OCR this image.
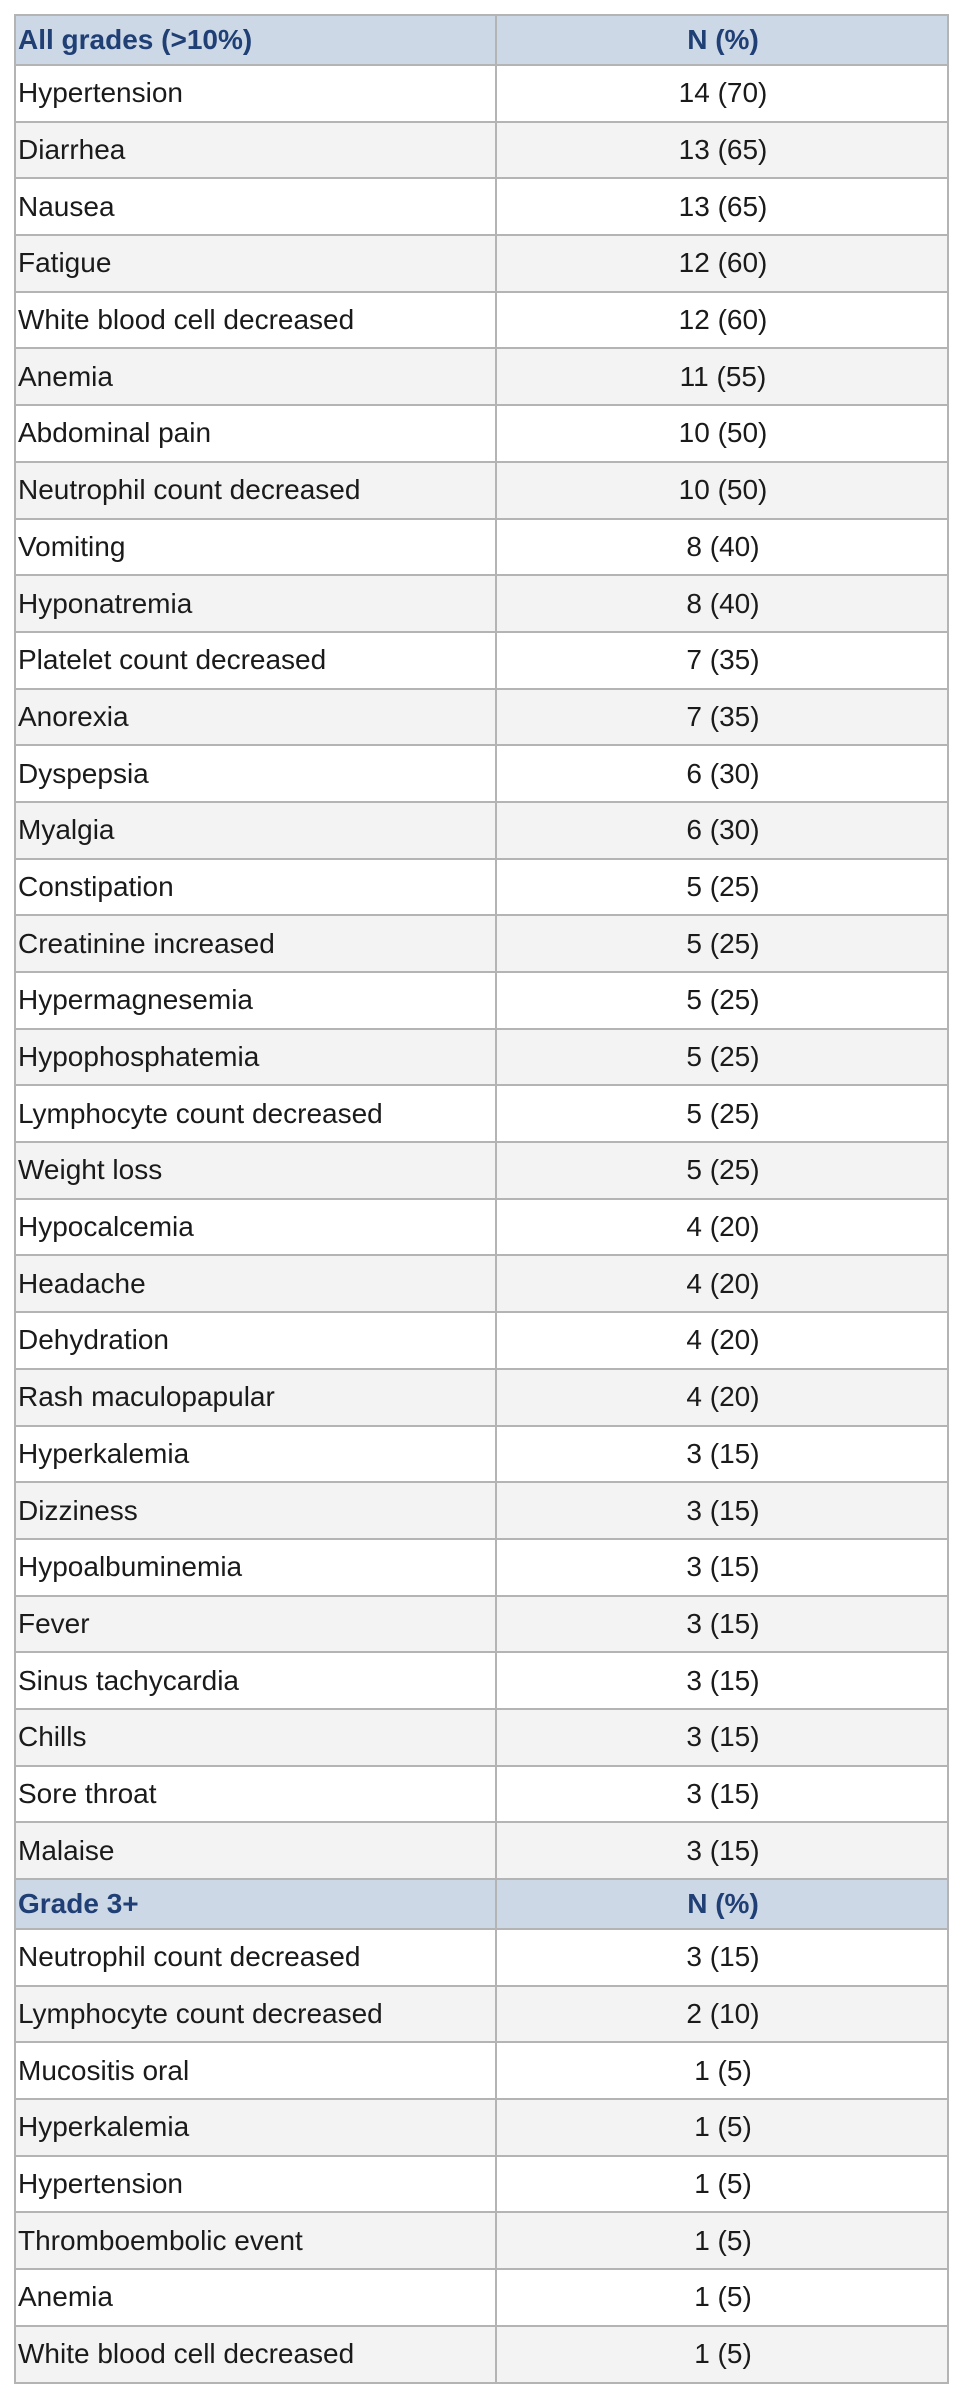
All grades (>10%)	N (%)
Hypertension	14 (70)
Diarrhea	13 (65)
Nausea	13 (65)
Fatigue	12 (60)
White blood cell decreased	12 (60)
Anemia	11 (55)
Abdominal pain	10 (50)
Neutrophil count decreased	10 (50)
Vomiting	8 (40)
Hyponatremia	8 (40)
Platelet count decreased	7 (35)
Anorexia	7 (35)
Dyspepsia	6 (30)
Myalgia	6 (30)
Constipation	5 (25)
Creatinine increased	5 (25)
Hypermagnesemia	5 (25)
Hypophosphatemia	5 (25)
Lymphocyte count decreased	5 (25)
Weight loss	5 (25)
Hypocalcemia	4 (20)
Headache	4 (20)
Dehydration	4 (20)
Rash maculopapular	4 (20)
Hyperkalemia	3 (15)
Dizziness	3 (15)
Hypoalbuminemia	3 (15)
Fever	3 (15)
Sinus tachycardia	3 (15)
Chills	3 (15)
Sore throat	3 (15)
Malaise	3 (15)
Grade 3+	N (%)
Neutrophil count decreased	3 (15)
Lymphocyte count decreased	2 (10)
Mucositis oral	1 (5)
Hyperkalemia	1 (5)
Hypertension	1 (5)
Thromboembolic event	1 (5)
Anemia	1 (5)
White blood cell decreased	1 (5)
